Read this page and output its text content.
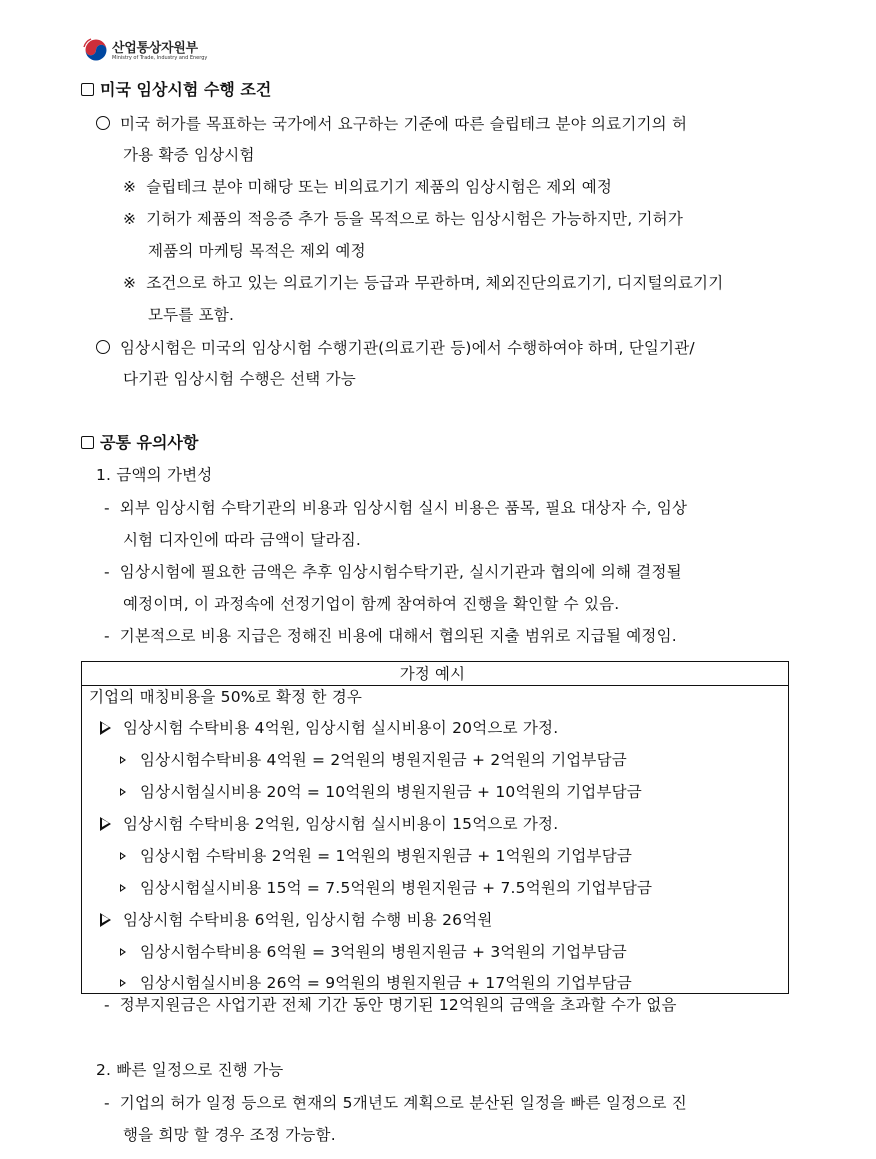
산업통상자원부
Ministry of Trade, Industry and Energy
미국 임상시험 수행 조건
미국 허가를 목표하는 국가에서 요구하는 기준에 따른 슬립테크 분야 의료기기의 허
가용 확증 임상시험
※ 슬립테크 분야 미해당 또는 비의료기기 제품의 임상시험은 제외 예정
※ 기허가 제품의 적응증 추가 등을 목적으로 하는 임상시험은 가능하지만, 기허가
제품의 마케팅 목적은 제외 예정
※ 조건으로 하고 있는 의료기기는 등급과 무관하며, 체외진단의료기기, 디지털의료기기
모두를 포함.
임상시험은 미국의 임상시험 수행기관(의료기관 등)에서 수행하여야 하며, 단일기관/
다기관 임상시험 수행은 선택 가능
공통 유의사항
1. 금액의 가변성
- 외부 임상시험 수탁기관의 비용과 임상시험 실시 비용은 품목, 필요 대상자 수, 임상
시험 디자인에 따라 금액이 달라짐.
- 임상시험에 필요한 금액은 추후 임상시험수탁기관, 실시기관과 협의에 의해 결정될
예정이며, 이 과정속에 선정기업이 함께 참여하여 진행을 확인할 수 있음.
- 기본적으로 비용 지급은 정해진 비용에 대해서 협의된 지출 범위로 지급될 예정임.
가정 예시
기업의 매칭비용을 50%로 확정 한 경우
임상시험 수탁비용 4억원, 임상시험 실시비용이 20억으로 가정.
임상시험수탁비용 4억원 = 2억원의 병원지원금 + 2억원의 기업부담금
임상시험실시비용 20억 = 10억원의 병원지원금 + 10억원의 기업부담금
임상시험 수탁비용 2억원, 임상시험 실시비용이 15억으로 가정.
임상시험 수탁비용 2억원 = 1억원의 병원지원금 + 1억원의 기업부담금
임상시험실시비용 15억 = 7.5억원의 병원지원금 + 7.5억원의 기업부담금
임상시험 수탁비용 6억원, 임상시험 수행 비용 26억원
임상시험수탁비용 6억원 = 3억원의 병원지원금 + 3억원의 기업부담금
임상시험실시비용 26억 = 9억원의 병원지원금 + 17억원의 기업부담금
- 정부지원금은 사업기관 전체 기간 동안 명기된 12억원의 금액을 초과할 수가 없음
2. 빠른 일정으로 진행 가능
- 기업의 허가 일정 등으로 현재의 5개년도 계획으로 분산된 일정을 빠른 일정으로 진
행을 희망 할 경우 조정 가능함.
